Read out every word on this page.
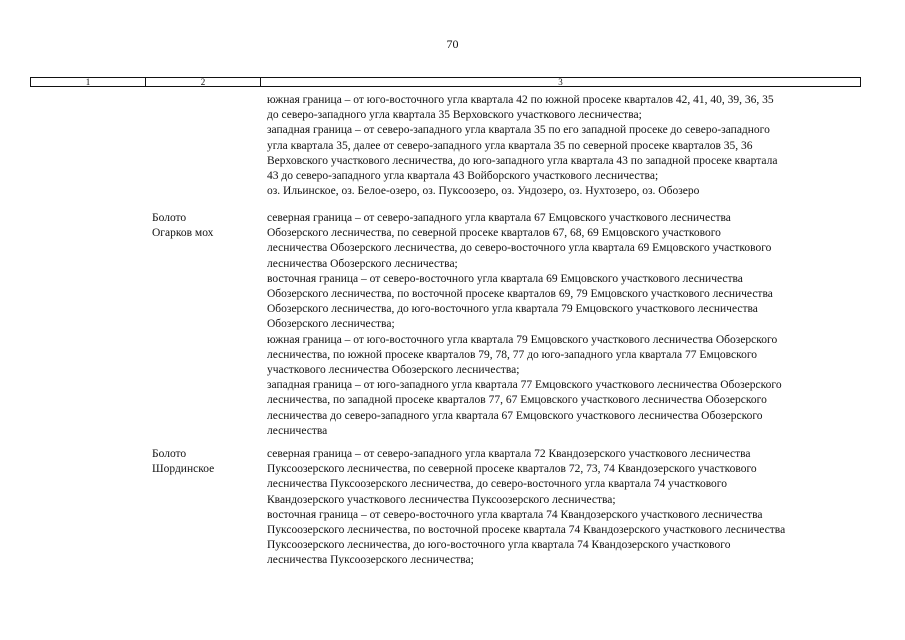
70
1	2	3
южная граница – от юго-восточного угла квартала 42 по южной просеке кварталов 42, 41, 40, 39, 36, 35
до северо-западного угла квартала 35 Верховского участкового лесничества;
западная граница – от северо-западного угла квартала 35 по его западной просеке до северо-западного
угла квартала 35, далее от северо-западного угла квартала 35 по северной просеке кварталов 35, 36
Верховского участкового лесничества, до юго-западного угла квартала 43 по западной просеке квартала
43 до северо-западного угла квартала 43 Войборского участкового лесничества;
оз. Ильинское, оз. Белое-озеро, оз. Пуксоозеро, оз. Ундозеро, оз. Нухтозеро, оз. Обозеро
Болото
Огарков мох
северная граница – от северо-западного угла квартала 67 Емцовского участкового лесничества
Обозерского лесничества, по северной просеке кварталов 67, 68, 69 Емцовского участкового
лесничества Обозерского лесничества, до северо-восточного угла квартала 69 Емцовского участкового
лесничества Обозерского лесничества;
восточная граница – от северо-восточного угла квартала 69 Емцовского участкового лесничества
Обозерского лесничества, по восточной просеке кварталов 69, 79 Емцовского участкового лесничества
Обозерского лесничества, до юго-восточного угла квартала 79 Емцовского участкового лесничества
Обозерского лесничества;
южная граница – от юго-восточного угла квартала 79 Емцовского участкового лесничества Обозерского
лесничества, по южной просеке кварталов 79, 78, 77 до юго-западного угла квартала 77 Емцовского
участкового лесничества Обозерского лесничества;
западная граница – от юго-западного угла квартала 77 Емцовского участкового лесничества Обозерского
лесничества, по западной просеке кварталов 77, 67 Емцовского участкового лесничества Обозерского
лесничества до северо-западного угла квартала 67 Емцовского участкового лесничества Обозерского
лесничества
Болото
Шординское
северная граница – от северо-западного угла квартала 72 Квандозерского участкового лесничества
Пуксоозерского лесничества, по северной просеке кварталов 72, 73, 74 Квандозерского участкового
лесничества Пуксоозерского лесничества, до северо-восточного угла квартала 74 участкового
Квандозерского участкового лесничества Пуксоозерского лесничества;
восточная граница – от северо-восточного угла квартала 74 Квандозерского участкового лесничества
Пуксоозерского лесничества, по восточной просеке квартала 74 Квандозерского участкового лесничества
Пуксоозерского лесничества, до юго-восточного угла квартала 74 Квандозерского участкового
лесничества Пуксоозерского лесничества;
